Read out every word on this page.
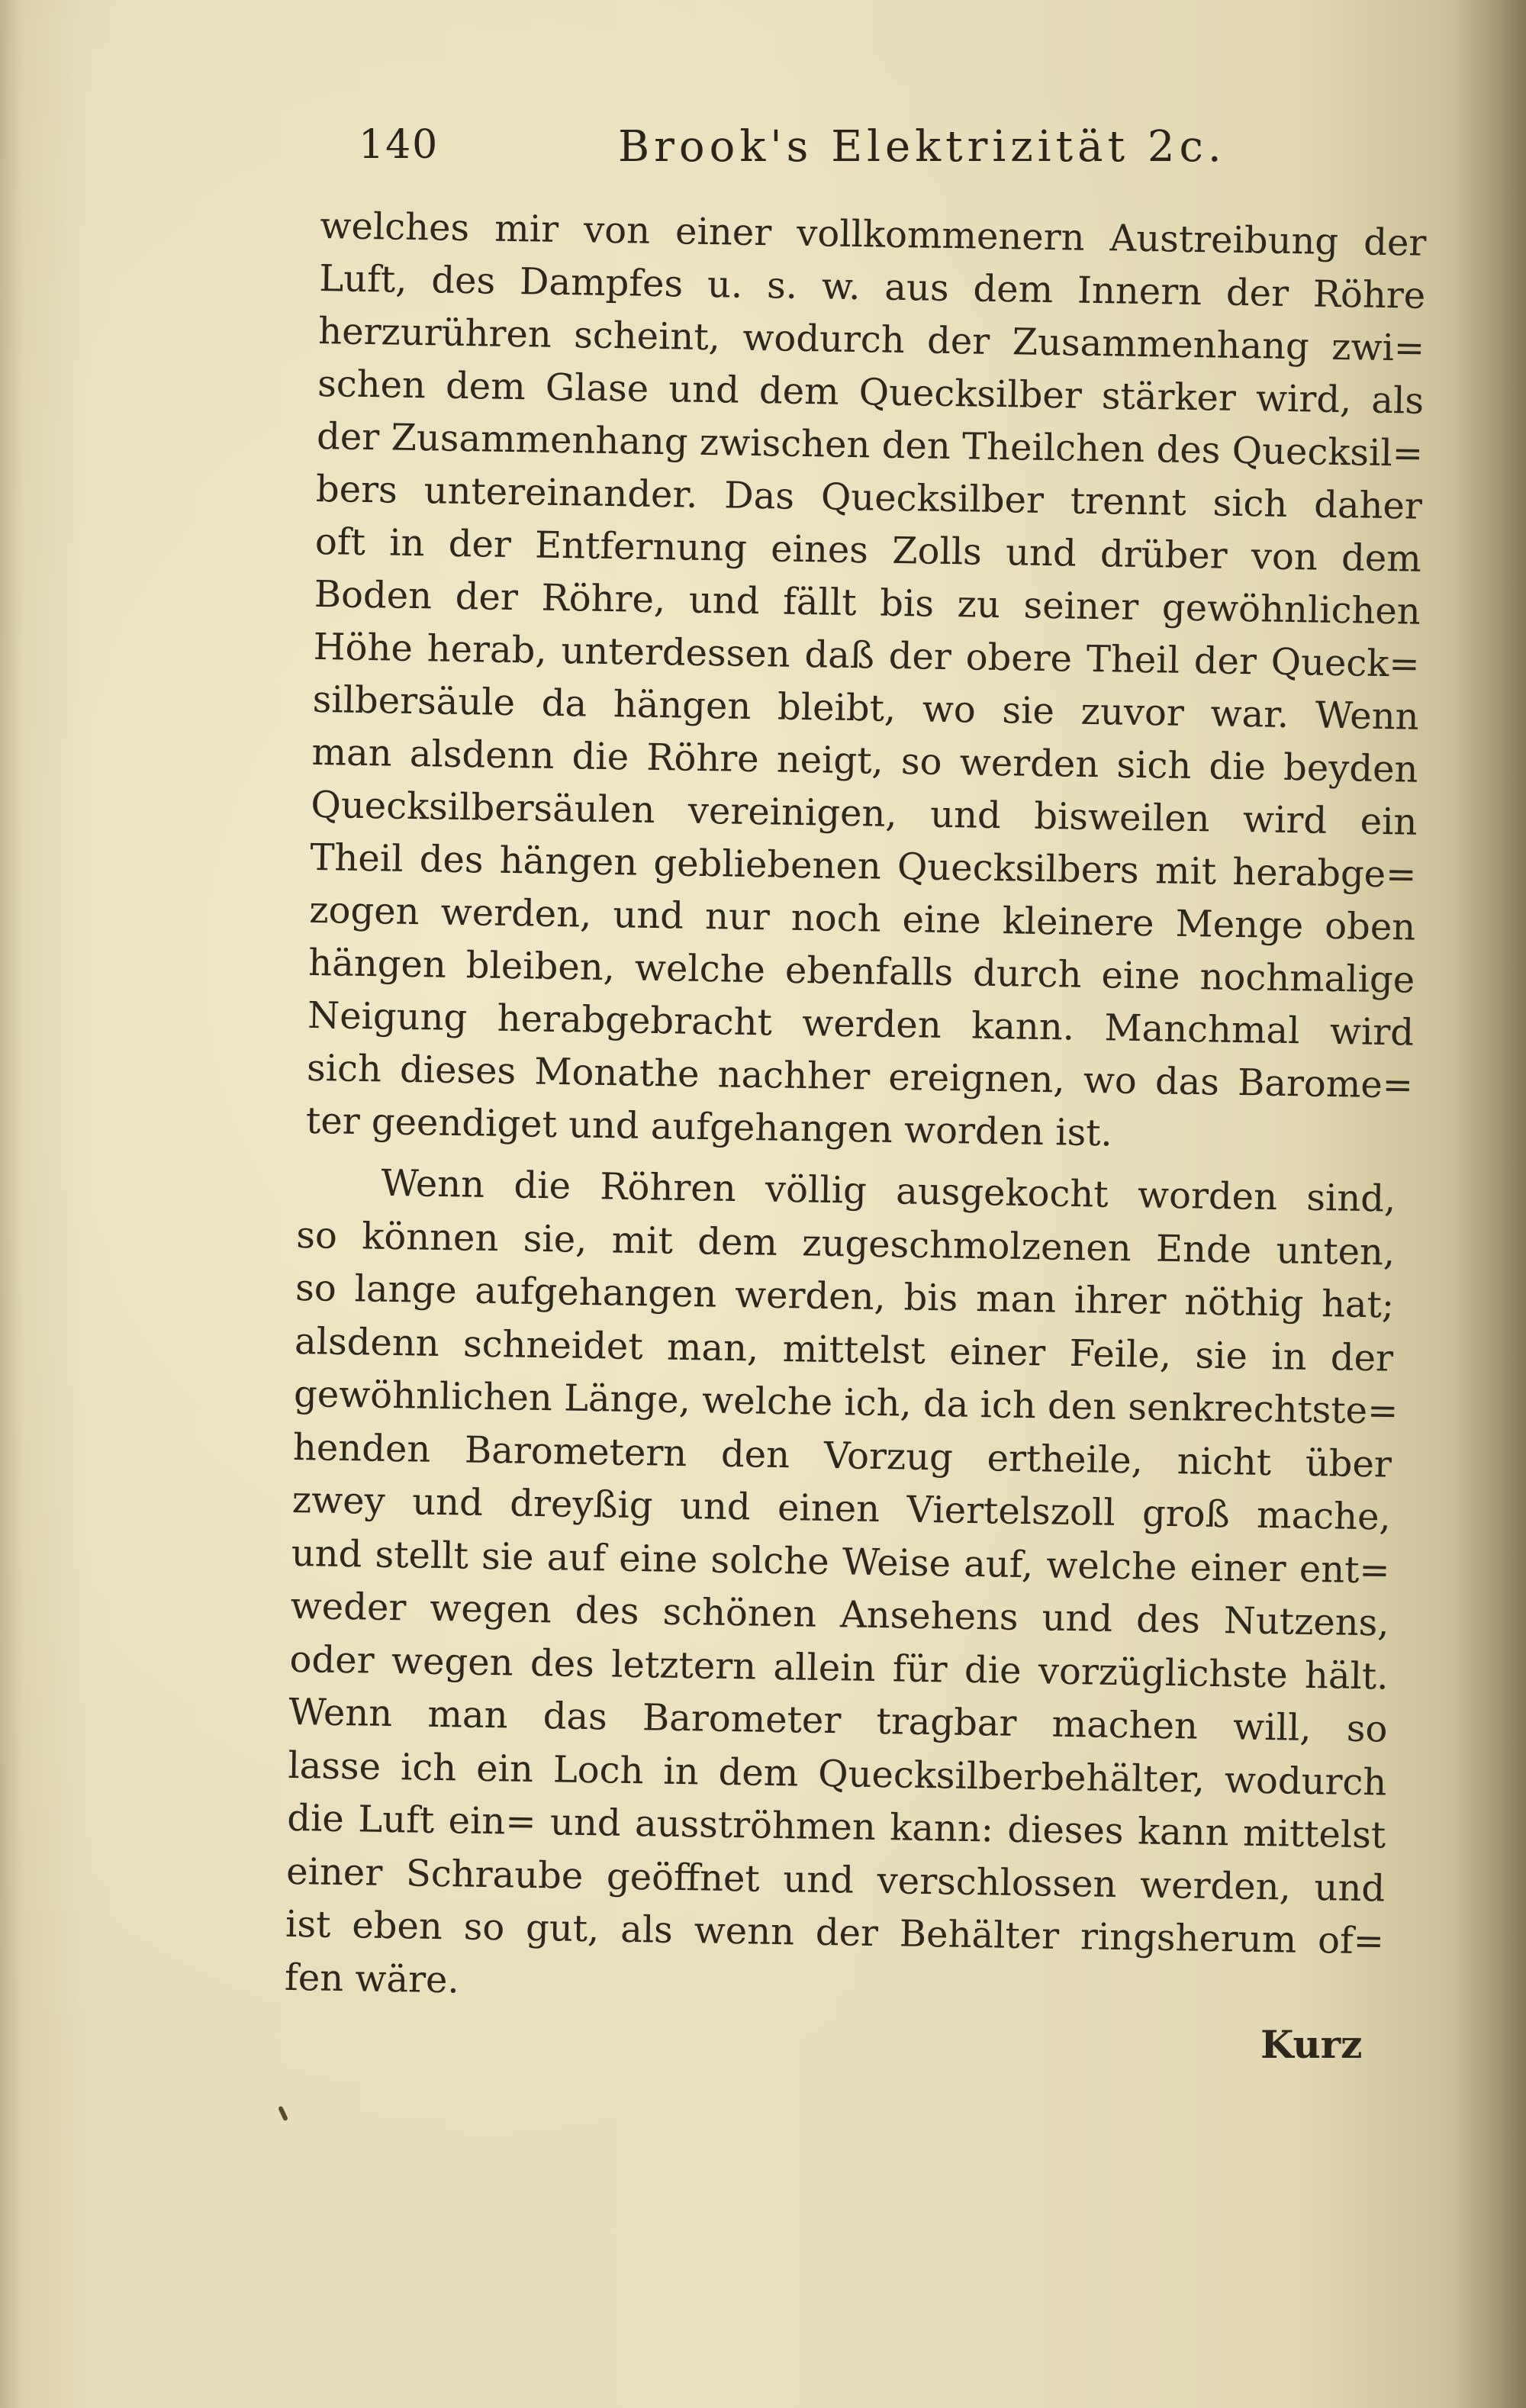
140	Brook's Elektrizität 2c.
welches mir von einer vollkommenern Austreibung der
Luft, des Dampfes u. s. w. aus dem Innern der Röhre
herzurühren scheint, wodurch der Zusammenhang zwi=
schen dem Glase und dem Quecksilber stärker wird, als
der Zusammenhang zwischen den Theilchen des Quecksil=
bers untereinander. Das Quecksilber trennt sich daher
oft in der Entfernung eines Zolls und drüber von dem
Boden der Röhre, und fällt bis zu seiner gewöhnlichen
Höhe herab, unterdessen daß der obere Theil der Queck=
silbersäule da hängen bleibt, wo sie zuvor war. Wenn
man alsdenn die Röhre neigt, so werden sich die beyden
Quecksilbersäulen vereinigen, und bisweilen wird ein
Theil des hängen gebliebenen Quecksilbers mit herabge=
zogen werden, und nur noch eine kleinere Menge oben
hängen bleiben, welche ebenfalls durch eine nochmalige
Neigung herabgebracht werden kann. Manchmal wird
sich dieses Monathe nachher ereignen, wo das Barome=
ter geendiget und aufgehangen worden ist.
Wenn die Röhren völlig ausgekocht worden sind,
so können sie, mit dem zugeschmolzenen Ende unten,
so lange aufgehangen werden, bis man ihrer nöthig hat;
alsdenn schneidet man, mittelst einer Feile, sie in der
gewöhnlichen Länge, welche ich, da ich den senkrechtste=
henden Barometern den Vorzug ertheile, nicht über
zwey und dreyßig und einen Viertelszoll groß mache,
und stellt sie auf eine solche Weise auf, welche einer ent=
weder wegen des schönen Ansehens und des Nutzens,
oder wegen des letztern allein für die vorzüglichste hält.
Wenn man das Barometer tragbar machen will, so
lasse ich ein Loch in dem Quecksilberbehälter, wodurch
die Luft ein= und ausströhmen kann: dieses kann mittelst
einer Schraube geöffnet und verschlossen werden, und
ist eben so gut, als wenn der Behälter ringsherum of=
fen wäre.
Kurz
